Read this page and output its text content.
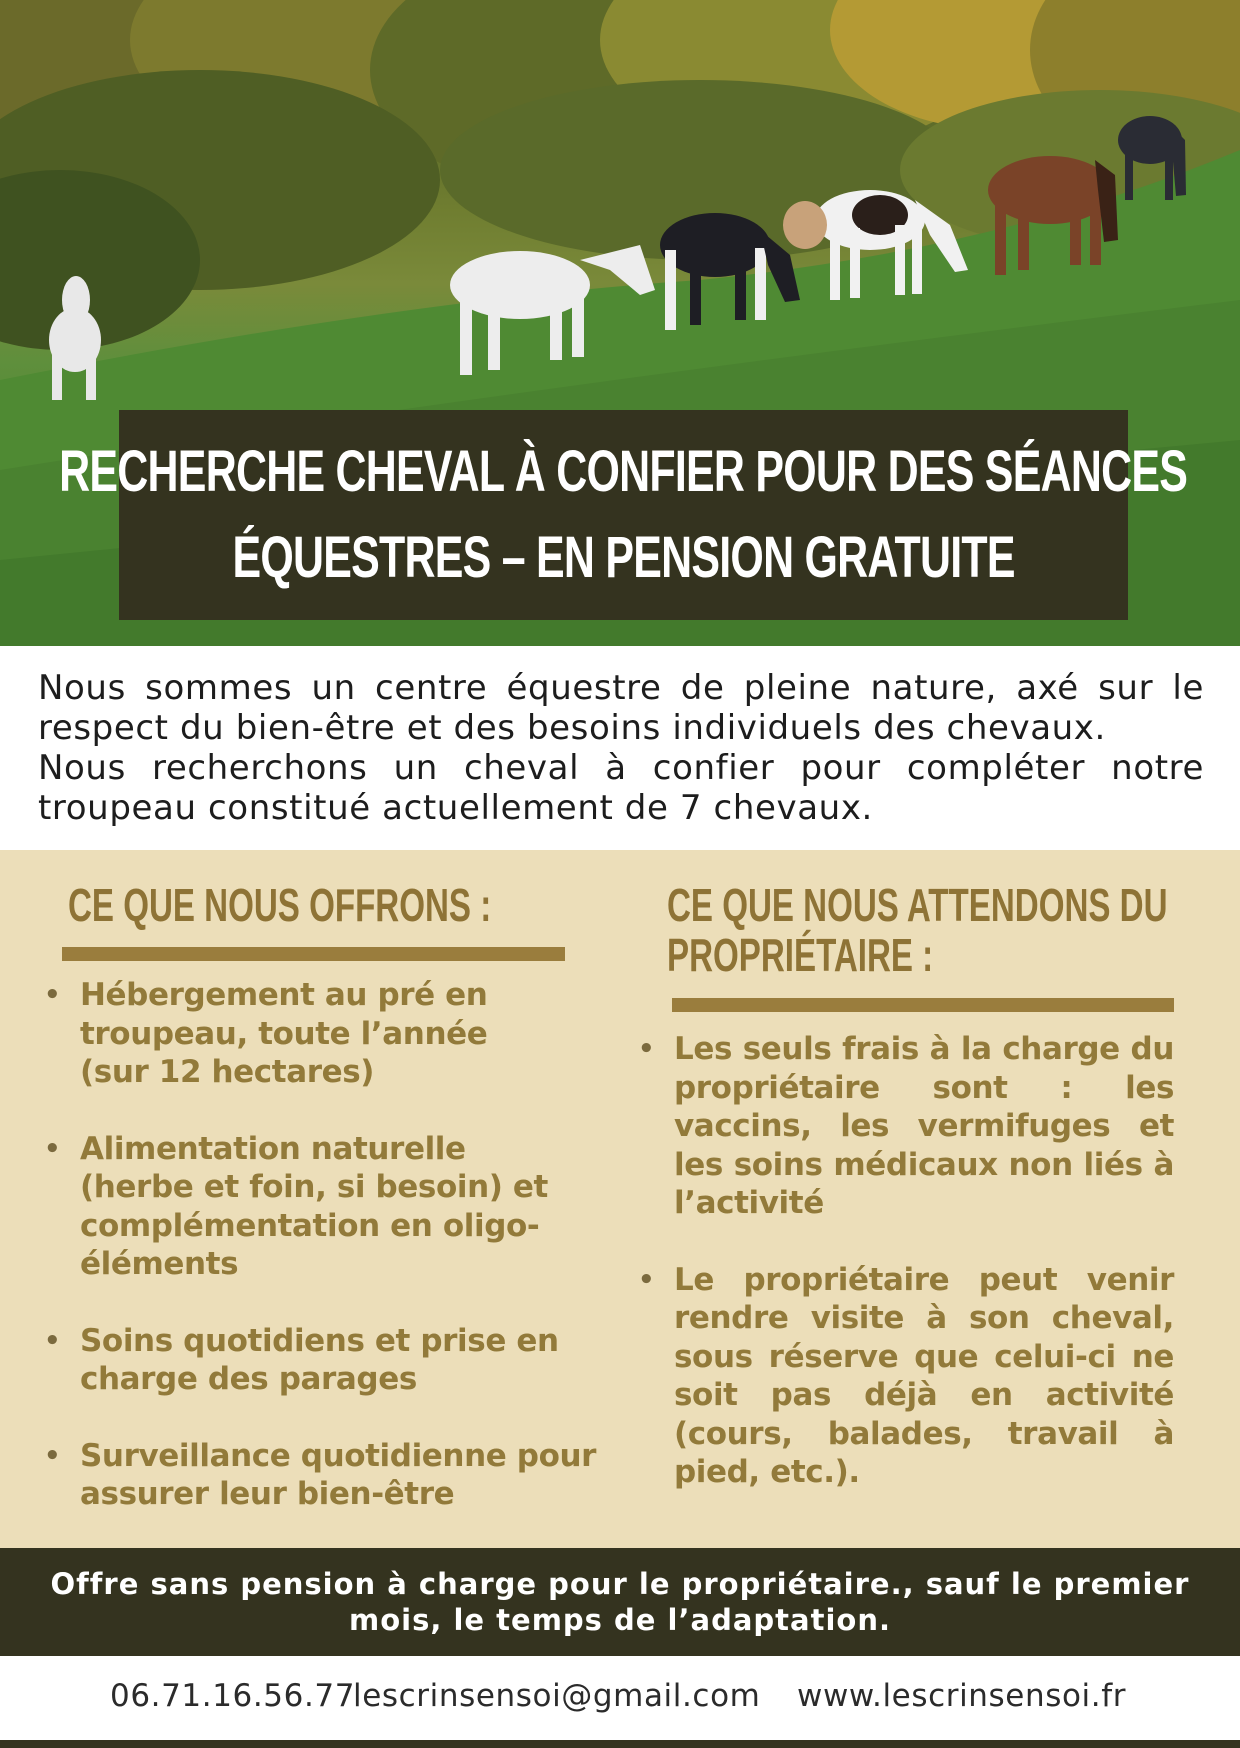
RECHERCHE CHEVAL À CONFIER POUR DES SÉANCES
ÉQUESTRES – EN PENSION GRATUITE

Nous sommes un centre équestre de pleine nature, axé sur le

respect du bien-être et des besoins individuels des chevaux.

Nous recherchons un cheval à confier pour compléter notre

troupeau constitué actuellement de 7 chevaux.

CE QUE NOUS OFFRONS :
• Hébergement au pré en troupeau, toute l’année (sur 12 hectares)
• Alimentation naturelle (herbe et foin, si besoin) et complémentation en oligo-éléments
• Soins quotidiens et prise en charge des parages
• Surveillance quotidienne pour assurer leur bien-être
CE QUE NOUS ATTENDONS DU
PROPRIÉTAIRE :
• Les seuls frais à la charge du propriétaire sont : les vaccins, les vermifuges et les soins médicaux non liés à l’activité
• Le propriétaire peut venir rendre visite à son cheval, sous réserve que celui-ci ne soit pas déjà en activité (cours, balades, travail à pied, etc.).
Offre sans pension à charge pour le propriétaire., sauf le premier mois, le temps de l’adaptation.
06.71.16.56.77
lescrinsensoi@gmail.com www.lescrinsensoi.fr
